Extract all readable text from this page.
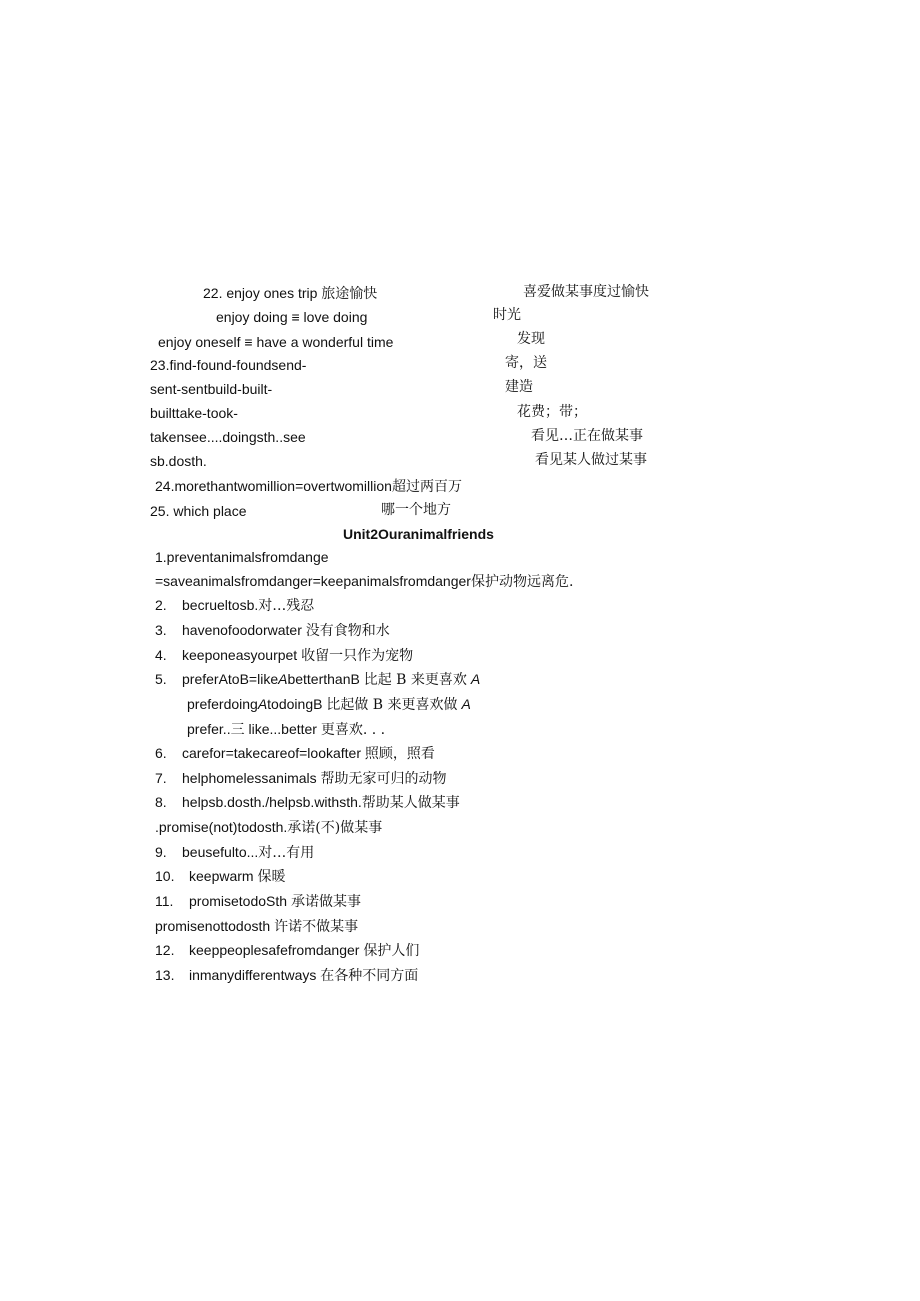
22. enjoy ones trip 旅途愉快	喜爱做某事度过愉快
enjoy doing ≡ love doing	时光
enjoy oneself ≡ have a wonderful time	发现
23.find-found-foundsend-	寄，送
sent-sentbuild-built-	建造
builttake-took-	花费；带；
takensee....doingsth..see	看见…正在做某事
sb.dosth.	看见某人做过某事
24.morethantwomillion=overtwomillion超过两百万
25. which place	哪一个地方
Unit2Ouranimalfriends
1.preventanimalsfromdange
=saveanimalsfromdanger=keepanimalsfromdanger保护动物远离危.
2. becrueltosb.对…残忍
3. havenofoodorwater 没有食物和水
4. keeponeasyourpet 收留一只作为宠物
5. preferAtoB=likeAbetterthanB 比起 B 来更喜欢 A
preferdoingAtodoingB 比起做 B 来更喜欢做 A
prefer..三 like...better 更喜欢. . .
6. carefor=takecareof=lookafter 照顾，照看
7. helphomelessanimals 帮助无家可归的动物
8. helpsb.dosth./helpsb.withsth.帮助某人做某事
.promise(not)todosth.承诺(不)做某事
9. beusefulto...对…有用
10. keepwarm 保暖
11. promisetodoSth 承诺做某事
promisenottodosth 许诺不做某事
12. keeppeoplesafefromdanger 保护人们
13. inmanydifferentways 在各种不同方面
